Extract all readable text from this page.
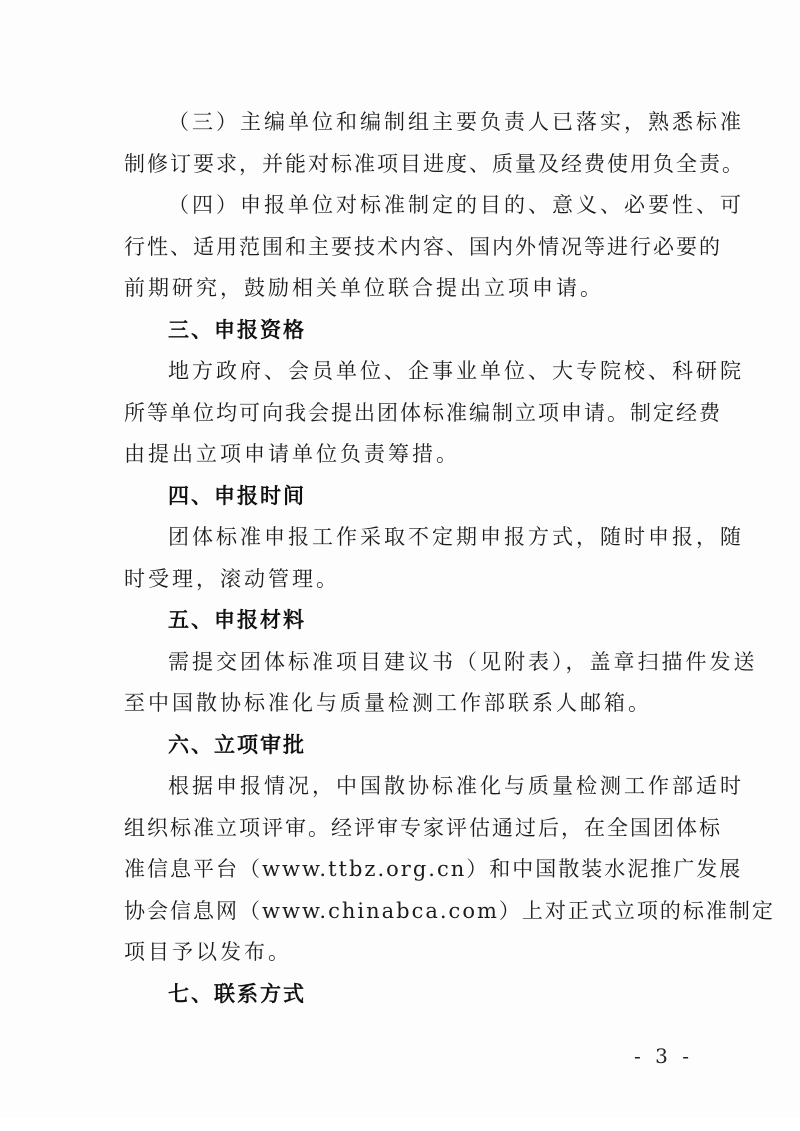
（三）主编单位和编制组主要负责人已落实，熟悉标准
制修订要求，并能对标准项目进度、质量及经费使用负全责。
（四）申报单位对标准制定的目的、意义、必要性、可
行性、适用范围和主要技术内容、国内外情况等进行必要的
前期研究，鼓励相关单位联合提出立项申请。
三、申报资格
地方政府、会员单位、企事业单位、大专院校、科研院
所等单位均可向我会提出团体标准编制立项申请。制定经费
由提出立项申请单位负责筹措。
四、申报时间
团体标准申报工作采取不定期申报方式，随时申报，随
时受理，滚动管理。
五、申报材料
需提交团体标准项目建议书（见附表），盖章扫描件发送
至中国散协标准化与质量检测工作部联系人邮箱。
六、立项审批
根据申报情况，中国散协标准化与质量检测工作部适时
组织标准立项评审。经评审专家评估通过后，在全国团体标
准信息平台（www.ttbz.org.cn）和中国散装水泥推广发展
协会信息网（www.chinabca.com）上对正式立项的标准制定
项目予以发布。
七、联系方式
- 3 -
